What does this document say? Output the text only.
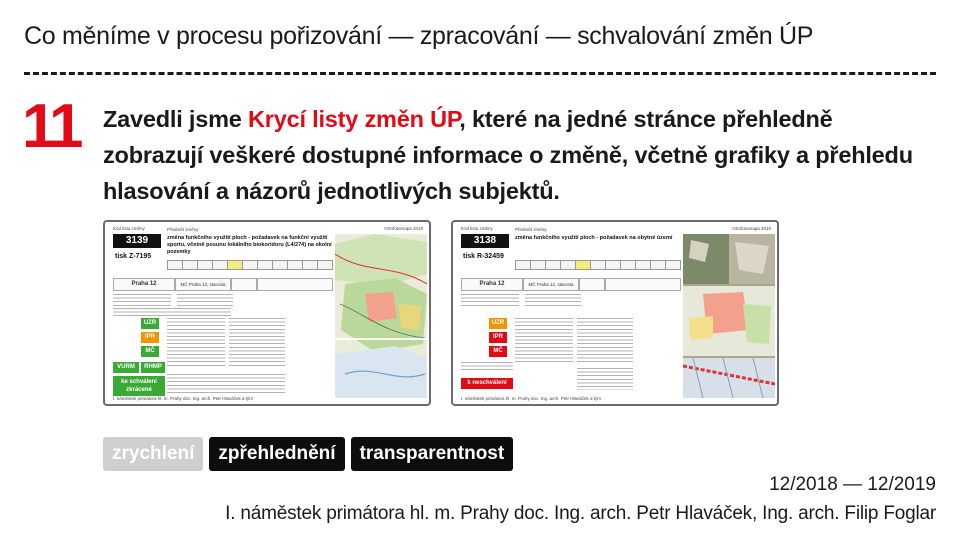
Co měníme v procesu pořizování — zpracování — schvalování změn ÚP
11 Zavedli jsme Krycí listy změn ÚP, které na jedné stránce přehledně zobrazují veškeré dostupné informace o změně, včetně grafiky a přehledu hlasování a názorů jednotlivých subjektů.
Kód listu změny	Ortofotomapa 2019
3139
tisk Z-7195
Předmět změny
změna funkčního využití ploch - požadavek na funkční využití sportu, včetně posunu lokálního biokoridoru (L4/274) na okolní pozemky
Praha 12	MČ Praha 12, starosta
UZR
IPR
MČ
VURM	RHMP
ke schválení zkrácené
I. náměstek primátora hl. m. Prahy doc. Ing. arch. Petr Hlaváček a tým
Kód listu změny	Ortofotomapa 2019
3138
tisk R-32459
Předmět změny
změna funkčního využití ploch - požadavek na obytné území
Praha 12	MČ Praha 12, starosta
UZR
IPR
MČ
k neschválení
I. náměstek primátora hl. m. Prahy doc. Ing. arch. Petr Hlaváček a tým
zrychlení	zpřehlednění	transparentnost
12/2018 — 12/2019
I. náměstek primátora hl. m. Prahy doc. Ing. arch. Petr Hlaváček, Ing. arch. Filip Foglar
